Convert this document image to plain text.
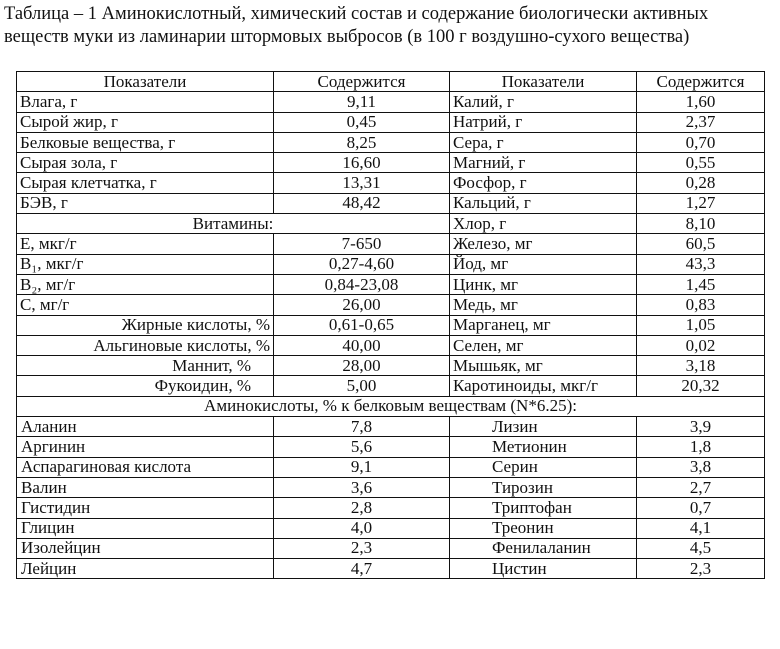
Таблица – 1 Аминокислотный, химический состав и содержание биологически активных
веществ муки из ламинарии штормовых выбросов (в 100 г воздушно-сухого вещества)
Показатели	Содержится	Показатели	Содержится
Влага, г	9,11	Калий, г	1,60
Сырой жир, г	0,45	Натрий, г	2,37
Белковые вещества, г	8,25	Сера, г	0,70
Сырая зола, г	16,60	Магний, г	0,55
Сырая клетчатка, г	13,31	Фосфор, г	0,28
БЭВ, г	48,42	Кальций, г	1,27
Витамины:		Хлор, г	8,10
E, мкг/г	7-650	Железо, мг	60,5
B₁, мкг/г	0,27-4,60	Йод, мг	43,3
B₂, мг/г	0,84-23,08	Цинк, мг	1,45
С, мг/г	26,00	Медь, мг	0,83
Жирные кислоты, %	0,61-0,65	Марганец, мг	1,05
Альгиновые кислоты, %	40,00	Селен, мг	0,02
Маннит, %	28,00	Мышьяк, мг	3,18
Фукоидин, %	5,00	Каротиноиды, мкг/г	20,32
Аминокислоты, % к белковым веществам (N*6.25):			
Аланин	7,8	Лизин	3,9
Аргинин	5,6	Метионин	1,8
Аспарагиновая кислота	9,1	Серин	3,8
Валин	3,6	Тирозин	2,7
Гистидин	2,8	Триптофан	0,7
Глицин	4,0	Треонин	4,1
Изолейцин	2,3	Фенилаланин	4,5
Лейцин	4,7	Цистин	2,3
